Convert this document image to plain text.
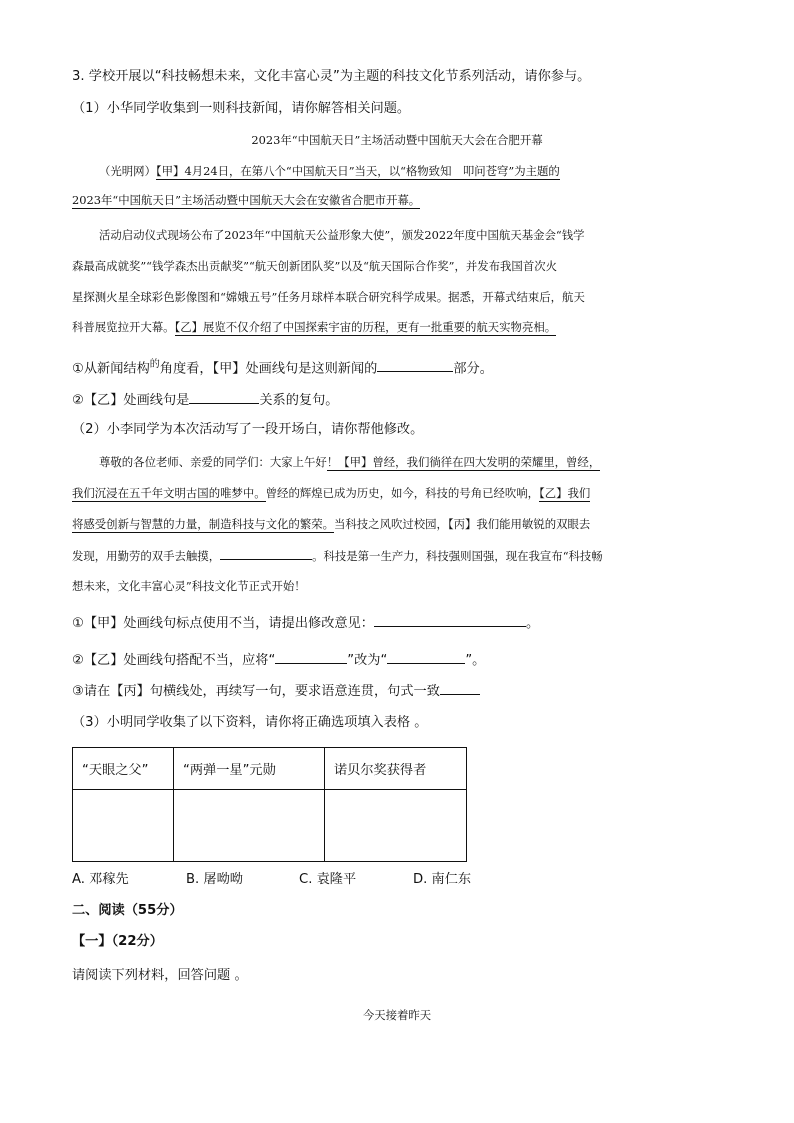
3. 学校开展以“科技畅想未来，文化丰富心灵”为主题的科技文化节系列活动，请你参与。
（1）小华同学收集到一则科技新闻，请你解答相关问题。
2023年“中国航天日”主场活动暨中国航天大会在合肥开幕
（光明网）【甲】4月24日，在第八个“中国航天日”当天，以“格物致知　叩问苍穹”为主题的
2023年“中国航天日”主场活动暨中国航天大会在安徽省合肥市开幕。
活动启动仪式现场公布了2023年“中国航天公益形象大使”，颁发2022年度中国航天基金会“钱学
森最高成就奖”“钱学森杰出贡献奖”“航天创新团队奖”以及“航天国际合作奖”，并发布我国首次火
星探测火星全球彩色影像图和“嫦娥五号”任务月球样本联合研究科学成果。据悉，开幕式结束后，航天
科普展览拉开大幕。【乙】展览不仅介绍了中国探索宇宙的历程，更有一批重要的航天实物亮相。
①从新闻结构$^的$角度看，【甲】处画线句是这则新闻的	部分。
②【乙】处画线句是	关系的复句。
（2）小李同学为本次活动写了一段开场白，请你帮他修改。
尊敬的各位老师、亲爱的同学们：大家上午好！【甲】曾经，我们徜徉在四大发明的荣耀里，曾经，
我们沉浸在五千年文明古国的唯梦中。曾经的辉煌已成为历史，如今，科技的号角已经吹响，【乙】我们
将感受创新与智慧的力量，制造科技与文化的繁荣。当科技之风吹过校园，【丙】我们能用敏锐的双眼去
发现，用勤劳的双手去触摸，	。科技是第一生产力，科技强则国强，现在我宣布“科技畅
想未来，文化丰富心灵”科技文化节正式开始！
①【甲】处画线句标点使用不当，请提出修改意见：	。
②【乙】处画线句搭配不当，应将“	”改为“	”。
③请在【丙】句横线处，再续写一句，要求语意连贯，句式一致
（3）小明同学收集了以下资料，请你将正确选项填入表格 。
“天眼之父”	“两弹一星”元勋	诺贝尔奖获得者

A. 邓稼先	B. 屠呦呦	C. 袁隆平	D. 南仁东
二、阅读（55分）
【一】（22分）
请阅读下列材料，回答问题 。
今天接着昨天
